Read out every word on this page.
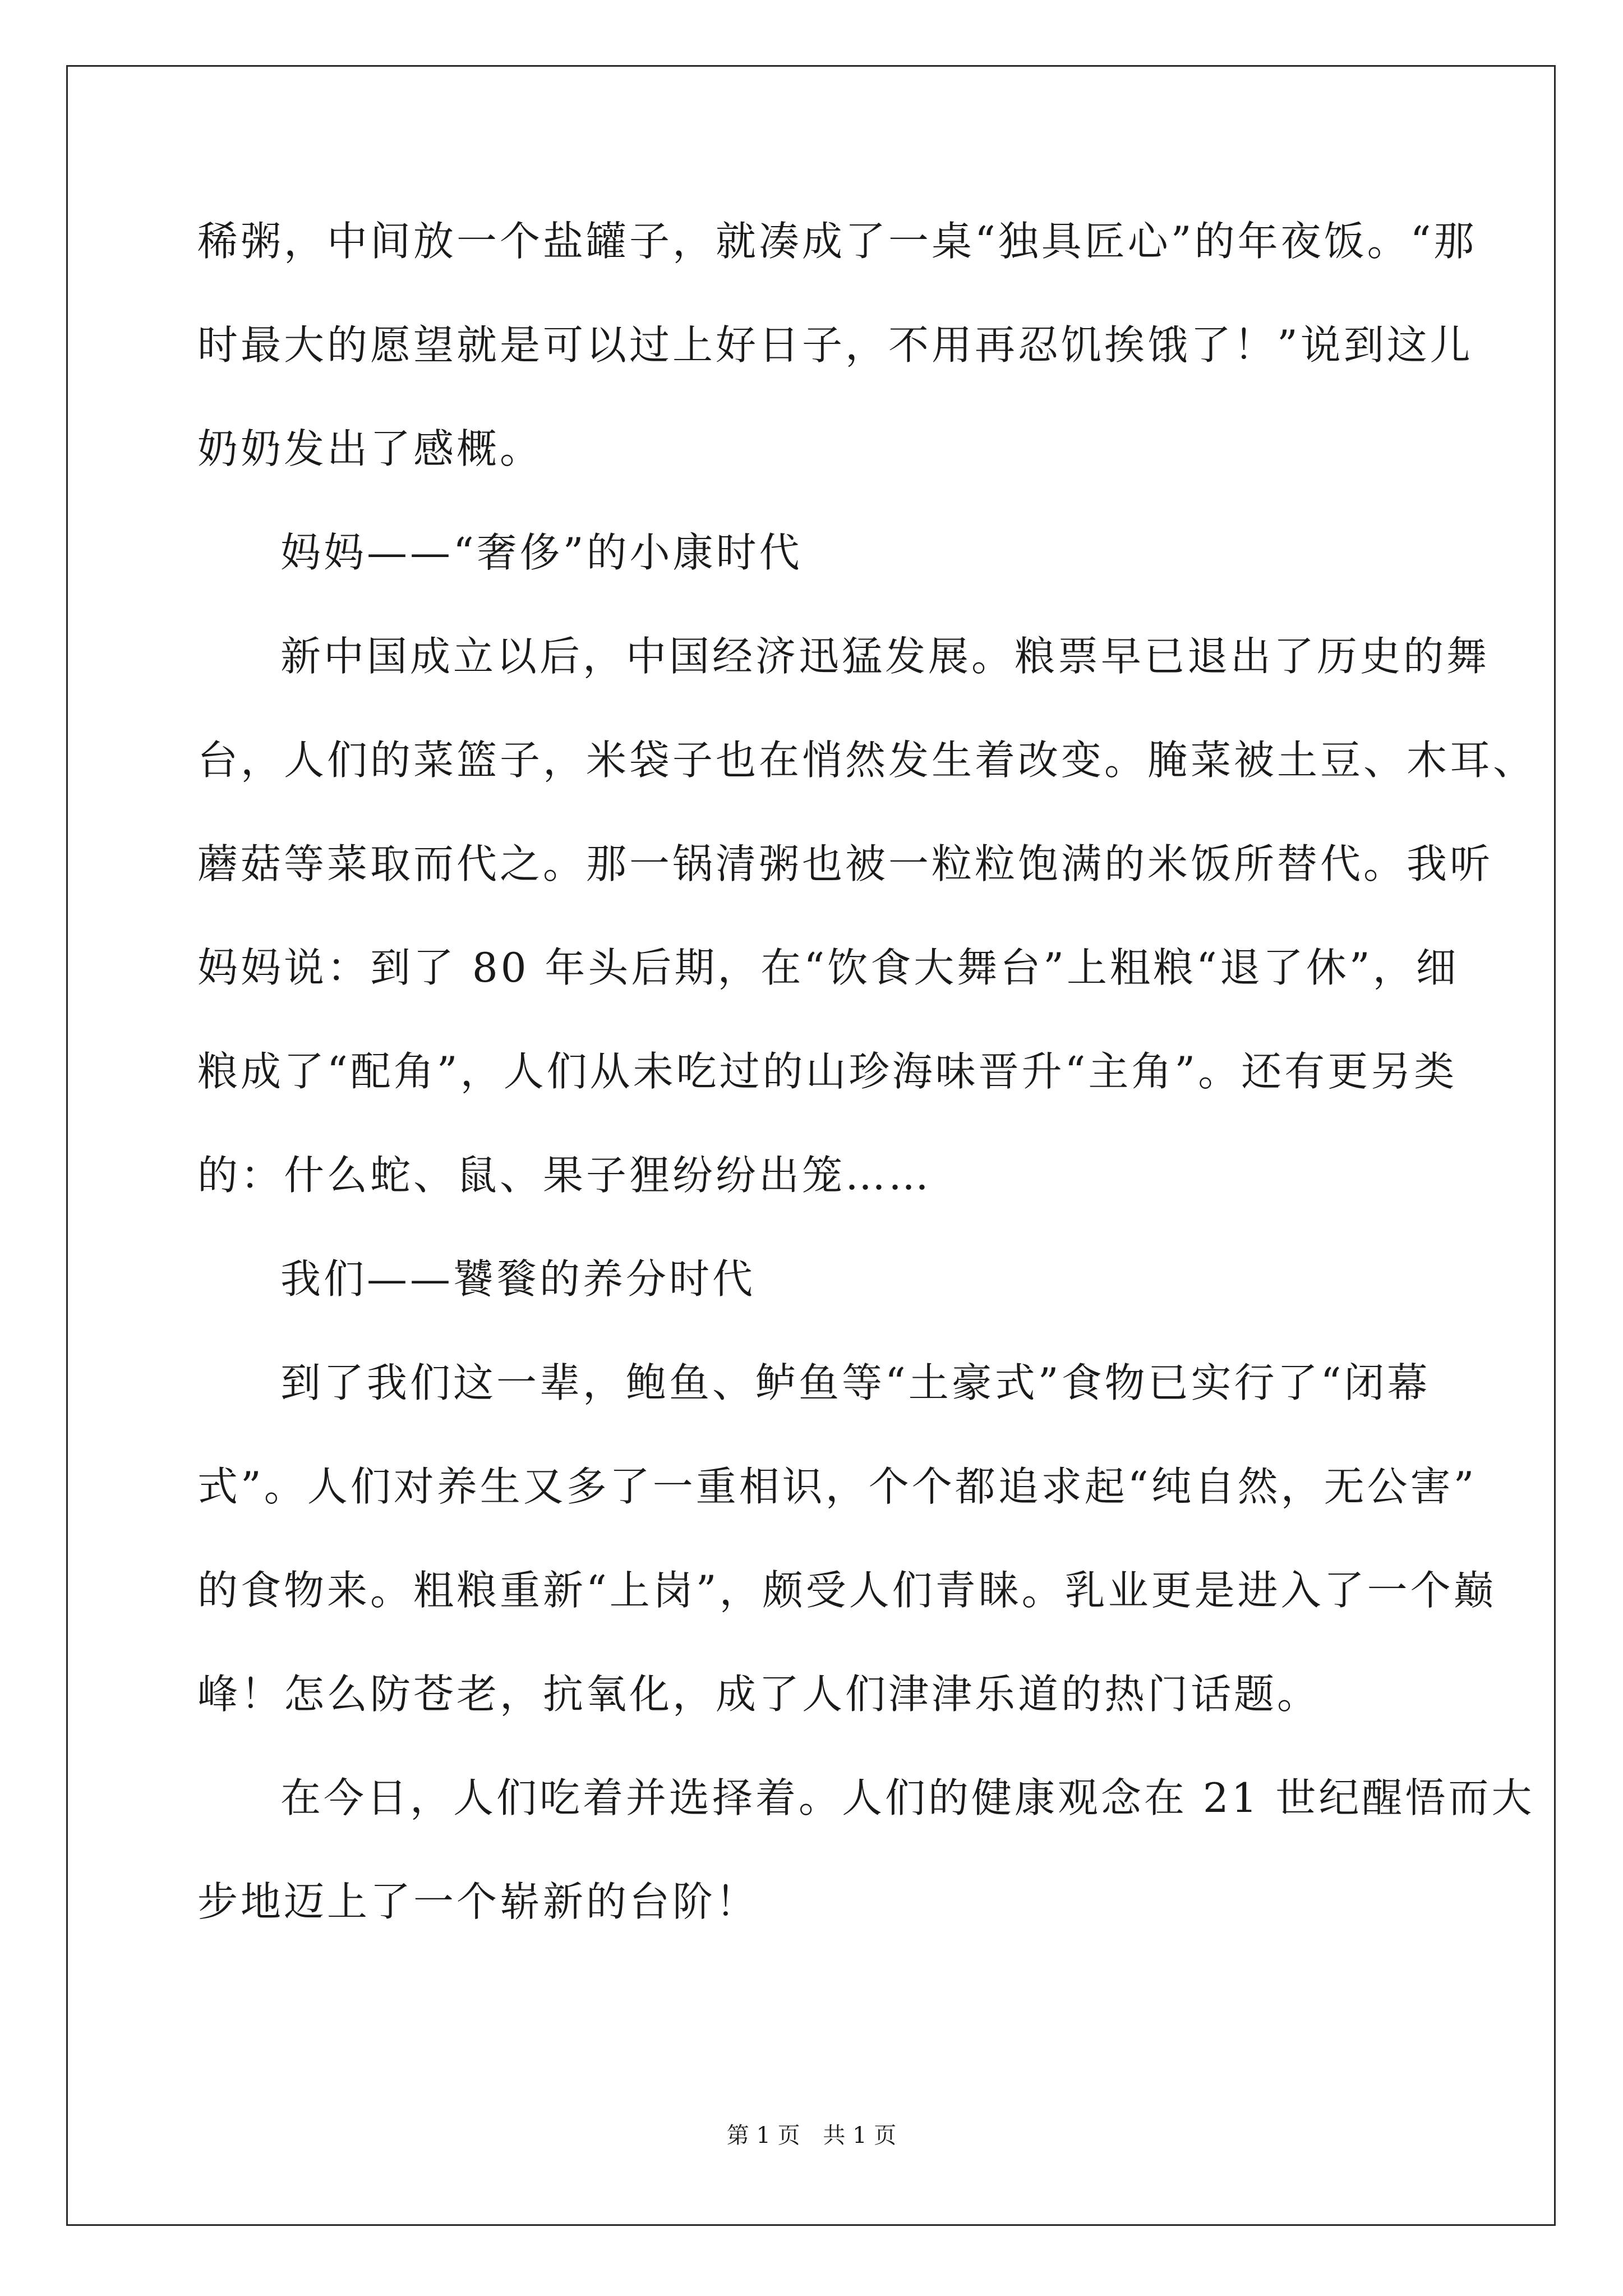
稀粥，中间放一个盐罐子，就凑成了一桌“独具匠心”的年夜饭。“那
时最大的愿望就是可以过上好日子，不用再忍饥挨饿了！”说到这儿
奶奶发出了感概。
妈妈——“奢侈”的小康时代
新中国成立以后，中国经济迅猛发展。粮票早已退出了历史的舞
台，人们的菜篮子，米袋子也在悄然发生着改变。腌菜被土豆、木耳、
蘑菇等菜取而代之。那一锅清粥也被一粒粒饱满的米饭所替代。我听
妈妈说：到了 80 年头后期，在“饮食大舞台”上粗粮“退了休”，细
粮成了“配角”，人们从未吃过的山珍海味晋升“主角”。还有更另类
的：什么蛇、鼠、果子狸纷纷出笼……
我们——饕餮的养分时代
到了我们这一辈，鲍鱼、鲈鱼等“土豪式”食物已实行了“闭幕
式”。人们对养生又多了一重相识，个个都追求起“纯自然，无公害”
的食物来。粗粮重新“上岗”，颇受人们青睐。乳业更是进入了一个巅
峰！怎么防苍老，抗氧化，成了人们津津乐道的热门话题。
在今日，人们吃着并选择着。人们的健康观念在 21 世纪醒悟而大
步地迈上了一个崭新的台阶！
第 1 页 共 1 页
